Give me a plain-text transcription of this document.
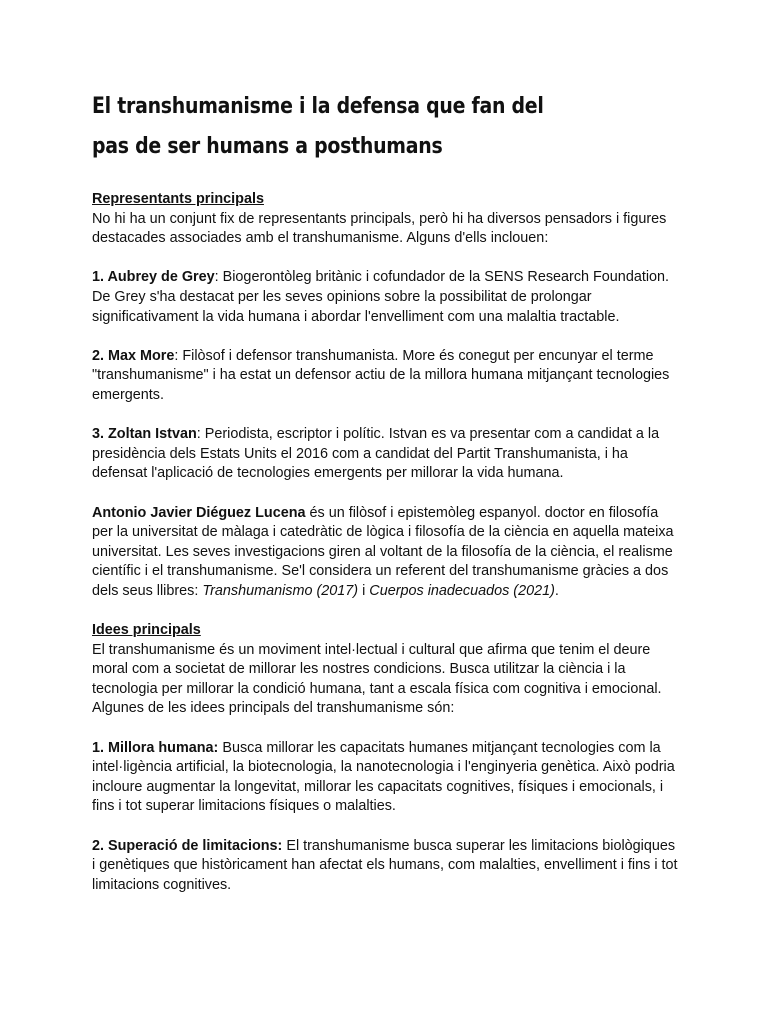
El transhumanisme i la defensa que fan del pas de ser humans a posthumans

Representants principals
No hi ha un conjunt fix de representants principals, però hi ha diversos pensadors i figures destacades associades amb el transhumanisme. Alguns d'ells inclouen:

1. Aubrey de Grey: Biogerontòleg britànic i cofundador de la SENS Research Foundation. De Grey s'ha destacat per les seves opinions sobre la possibilitat de prolongar significativament la vida humana i abordar l'envelliment com una malaltia tractable.

2. Max More: Filòsof i defensor transhumanista. More és conegut per encunyar el terme "transhumanisme" i ha estat un defensor actiu de la millora humana mitjançant tecnologies emergents.

3. Zoltan Istvan: Periodista, escriptor i polític. Istvan es va presentar com a candidat a la presidència dels Estats Units el 2016 com a candidat del Partit Transhumanista, i ha defensat l'aplicació de tecnologies emergents per millorar la vida humana.

Antonio Javier Diéguez Lucena és un filòsof i epistemòleg espanyol. doctor en filosofía per la universitat de màlaga i catedràtic de lògica i filosofía de la ciència en aquella mateixa universitat. Les seves investigacions giren al voltant de la filosofía de la ciència, el realisme científic i el transhumanisme. Se'l considera un referent del transhumanisme gràcies a dos dels seus llibres: Transhumanismo (2017) i Cuerpos inadecuados (2021).

Idees principals
El transhumanisme és un moviment intel·lectual i cultural que afirma que tenim el deure moral com a societat de millorar les nostres condicions. Busca utilitzar la ciència i la tecnologia per millorar la condició humana, tant a escala física com cognitiva i emocional. Algunes de les idees principals del transhumanisme són:

1. Millora humana: Busca millorar les capacitats humanes mitjançant tecnologies com la intel·ligència artificial, la biotecnologia, la nanotecnologia i l'enginyeria genètica. Això podria incloure augmentar la longevitat, millorar les capacitats cognitives, físiques i emocionals, i fins i tot superar limitacions físiques o malalties.

2. Superació de limitacions: El transhumanisme busca superar les limitacions biològiques i genètiques que històricament han afectat els humans, com malalties, envelliment i fins i tot limitacions cognitives.
